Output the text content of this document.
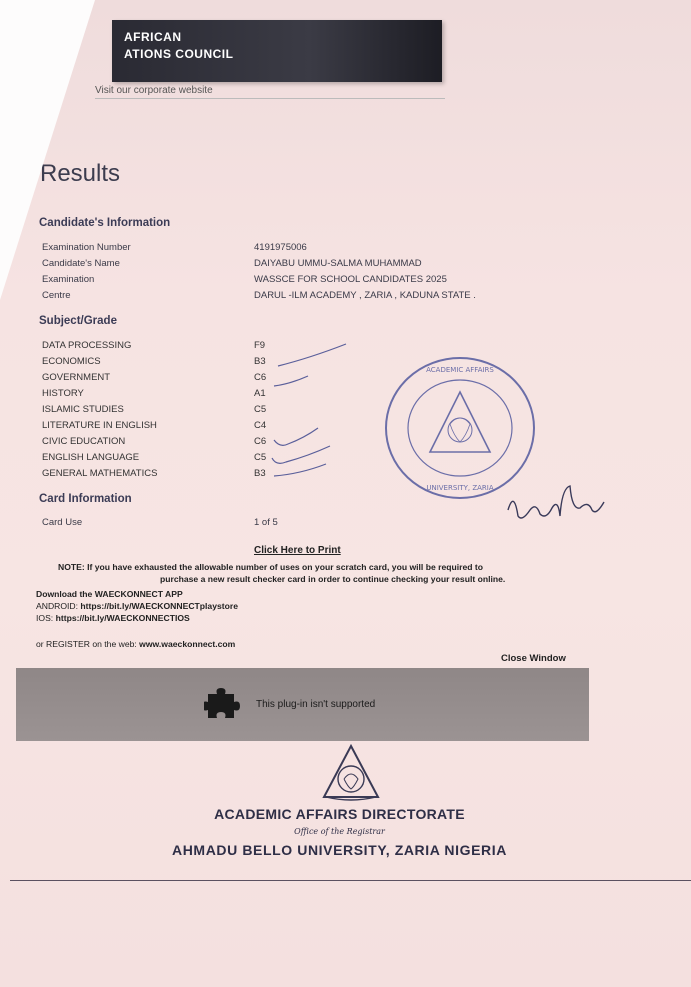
AFRICAN
ATIONS COUNCIL
Visit our corporate website
Results
Candidate's Information
Examination Number	4191975006
Candidate's Name	DAIYABU UMMU-SALMA MUHAMMAD
Examination	WASSCE FOR SCHOOL CANDIDATES 2025
Centre	DARUL -ILM ACADEMY , ZARIA , KADUNA STATE .
Subject/Grade
DATA PROCESSING	F9
ECONOMICS	B3
GOVERNMENT	C6
HISTORY	A1
ISLAMIC STUDIES	C5
LITERATURE IN ENGLISH	C4
CIVIC EDUCATION	C6
ENGLISH LANGUAGE	C5
GENERAL MATHEMATICS	B3
ACADEMIC AFFAIRS
UNIVERSITY, ZARIA
Card Information
Card Use	1 of 5
Click Here to Print
NOTE: If you have exhausted the allowable number of uses on your scratch card, you will be required to
purchase a new result checker card in order to continue checking your result online.
Download the WAECKONNECT APP
ANDROID: https://bit.ly/WAECKONNECTplaystore
IOS: https://bit.ly/WAECKONNECTIOS
or REGISTER on the web: www.waeckonnect.com
Close Window
This plug-in isn't supported
ACADEMIC AFFAIRS DIRECTORATE
Office of the Registrar
AHMADU BELLO UNIVERSITY, ZARIA NIGERIA
